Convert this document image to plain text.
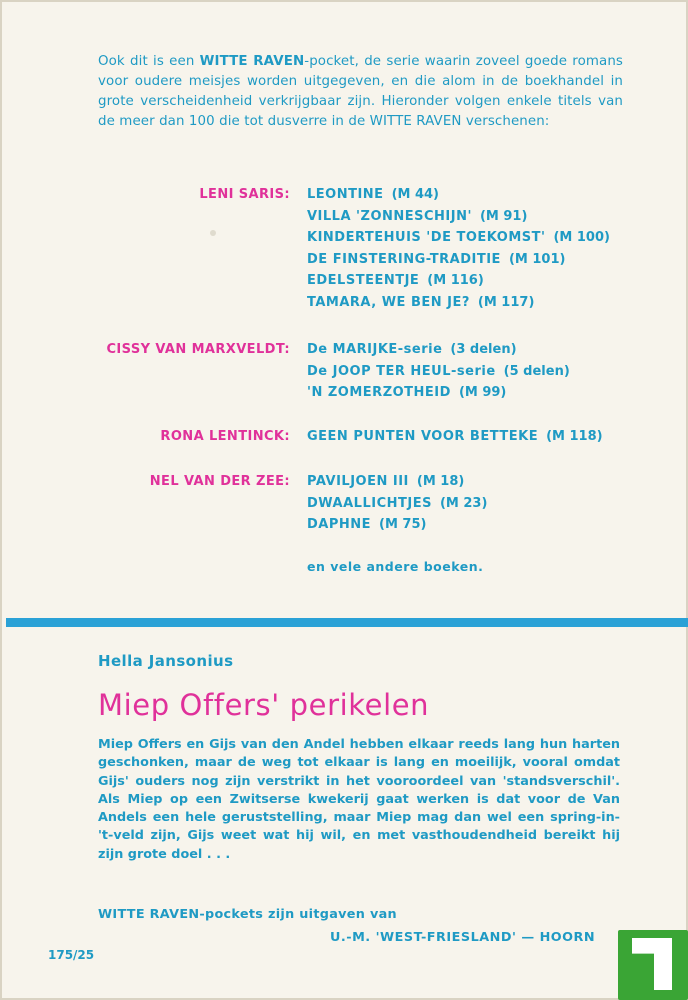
Ook dit is een WITTE RAVEN-pocket, de serie waarin zoveel goede romans voor oudere meisjes worden uitgegeven, en die alom in de boekhandel in grote verscheidenheid verkrijgbaar zijn. Hieronder volgen enkele titels van de meer dan 100 die tot dusverre in de WITTE RAVEN verschenen:
LENI SARIS: LEONTINE (M 44)
VILLA 'ZONNESCHIJN' (M 91)
KINDERTEHUIS 'DE TOEKOMST' (M 100)
DE FINSTERING-TRADITIE (M 101)
EDELSTEENTJE (M 116)
TAMARA, WE BEN JE? (M 117)
CISSY VAN MARXVELDT: De MARIJKE-serie (3 delen)
De JOOP TER HEUL-serie (5 delen)
'N ZOMERZOTHEID (M 99)
RONA LENTINCK: GEEN PUNTEN VOOR BETTEKE (M 118)
NEL VAN DER ZEE: PAVILJOEN III (M 18)
DWAALLICHTJES (M 23)
DAPHNE (M 75)
en vele andere boeken.
Hella Jansonius
Miep Offers' perikelen
Miep Offers en Gijs van den Andel hebben elkaar reeds lang hun harten geschonken, maar de weg tot elkaar is lang en moeilijk, vooral omdat Gijs' ouders nog zijn verstrikt in het vooroordeel van 'standsverschil'. Als Miep op een Zwitserse kwekerij gaat werken is dat voor de Van Andels een hele geruststelling, maar Miep mag dan wel een spring-in-'t-veld zijn, Gijs weet wat hij wil, en met vasthoudendheid bereikt hij zijn grote doel . . .
WITTE RAVEN-pockets zijn uitgaven van
U.-M. 'WEST-FRIESLAND' — HOORN
175/25
